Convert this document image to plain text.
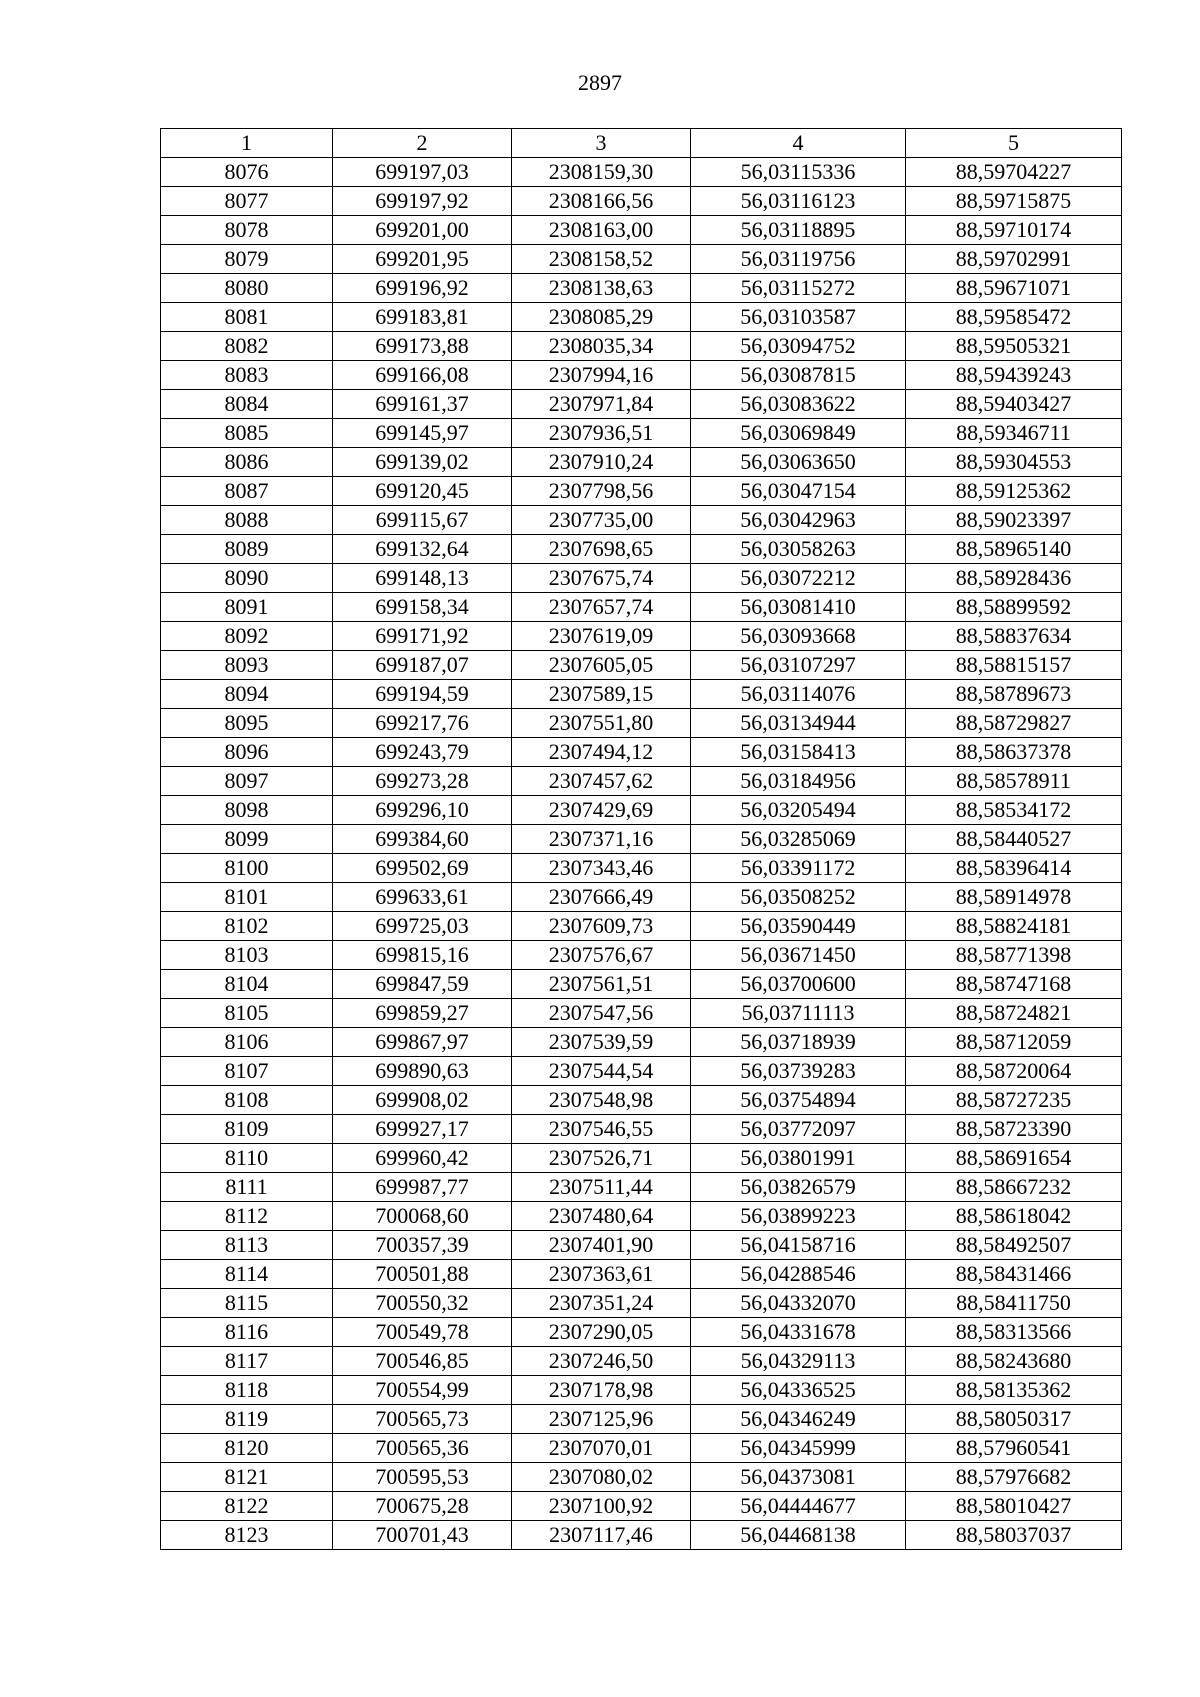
2897
1	2	3	4	5
8076	699197,03	2308159,30	56,03115336	88,59704227
8077	699197,92	2308166,56	56,03116123	88,59715875
8078	699201,00	2308163,00	56,03118895	88,59710174
8079	699201,95	2308158,52	56,03119756	88,59702991
8080	699196,92	2308138,63	56,03115272	88,59671071
8081	699183,81	2308085,29	56,03103587	88,59585472
8082	699173,88	2308035,34	56,03094752	88,59505321
8083	699166,08	2307994,16	56,03087815	88,59439243
8084	699161,37	2307971,84	56,03083622	88,59403427
8085	699145,97	2307936,51	56,03069849	88,59346711
8086	699139,02	2307910,24	56,03063650	88,59304553
8087	699120,45	2307798,56	56,03047154	88,59125362
8088	699115,67	2307735,00	56,03042963	88,59023397
8089	699132,64	2307698,65	56,03058263	88,58965140
8090	699148,13	2307675,74	56,03072212	88,58928436
8091	699158,34	2307657,74	56,03081410	88,58899592
8092	699171,92	2307619,09	56,03093668	88,58837634
8093	699187,07	2307605,05	56,03107297	88,58815157
8094	699194,59	2307589,15	56,03114076	88,58789673
8095	699217,76	2307551,80	56,03134944	88,58729827
8096	699243,79	2307494,12	56,03158413	88,58637378
8097	699273,28	2307457,62	56,03184956	88,58578911
8098	699296,10	2307429,69	56,03205494	88,58534172
8099	699384,60	2307371,16	56,03285069	88,58440527
8100	699502,69	2307343,46	56,03391172	88,58396414
8101	699633,61	2307666,49	56,03508252	88,58914978
8102	699725,03	2307609,73	56,03590449	88,58824181
8103	699815,16	2307576,67	56,03671450	88,58771398
8104	699847,59	2307561,51	56,03700600	88,58747168
8105	699859,27	2307547,56	56,03711113	88,58724821
8106	699867,97	2307539,59	56,03718939	88,58712059
8107	699890,63	2307544,54	56,03739283	88,58720064
8108	699908,02	2307548,98	56,03754894	88,58727235
8109	699927,17	2307546,55	56,03772097	88,58723390
8110	699960,42	2307526,71	56,03801991	88,58691654
8111	699987,77	2307511,44	56,03826579	88,58667232
8112	700068,60	2307480,64	56,03899223	88,58618042
8113	700357,39	2307401,90	56,04158716	88,58492507
8114	700501,88	2307363,61	56,04288546	88,58431466
8115	700550,32	2307351,24	56,04332070	88,58411750
8116	700549,78	2307290,05	56,04331678	88,58313566
8117	700546,85	2307246,50	56,04329113	88,58243680
8118	700554,99	2307178,98	56,04336525	88,58135362
8119	700565,73	2307125,96	56,04346249	88,58050317
8120	700565,36	2307070,01	56,04345999	88,57960541
8121	700595,53	2307080,02	56,04373081	88,57976682
8122	700675,28	2307100,92	56,04444677	88,58010427
8123	700701,43	2307117,46	56,04468138	88,58037037
